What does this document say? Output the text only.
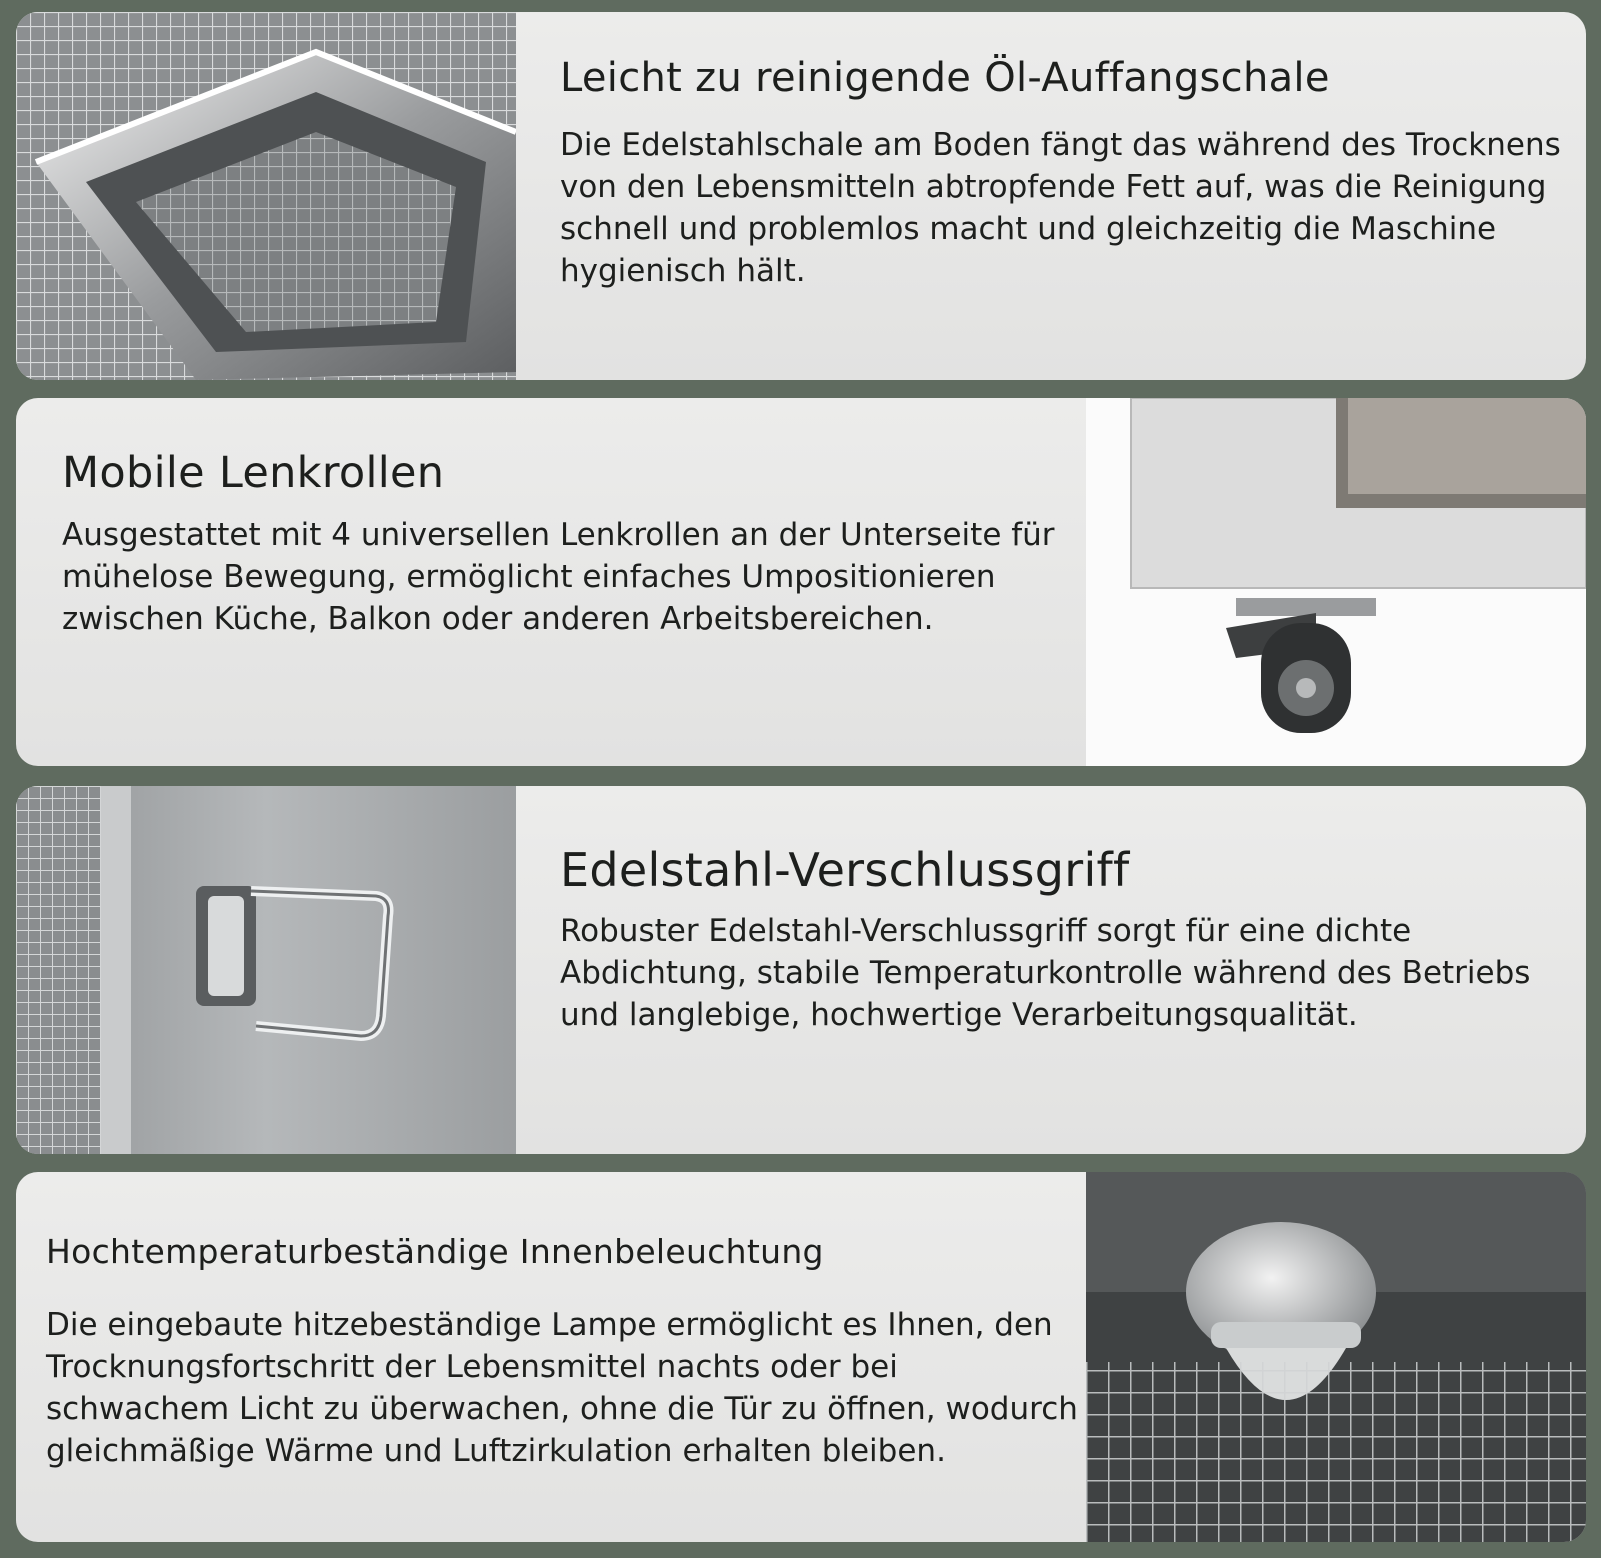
Leicht zu reinigende Öl-Auffangschale

Die Edelstahlschale am Boden fängt das während des Trocknens von den Lebensmitteln abtropfende Fett auf, was die Reinigung schnell und problemlos macht und gleichzeitig die Maschine hygienisch hält.

Mobile Lenkrollen

Ausgestattet mit 4 universellen Lenkrollen an der Unterseite für mühelose Bewegung, ermöglicht einfaches Umpositionieren zwischen Küche, Balkon oder anderen Arbeitsbereichen.

Edelstahl-Verschlussgriff

Robuster Edelstahl-Verschlussgriff sorgt für eine dichte Abdichtung, stabile Temperaturkontrolle während des Betriebs und langlebige, hochwertige Verarbeitungsqualität.

Hochtemperaturbeständige Innenbeleuchtung

Die eingebaute hitzebeständige Lampe ermöglicht es Ihnen, den Trocknungsfortschritt der Lebensmittel nachts oder bei schwachem Licht zu überwachen, ohne die Tür zu öffnen, wodurch gleichmäßige Wärme und Luftzirkulation erhalten bleiben.
